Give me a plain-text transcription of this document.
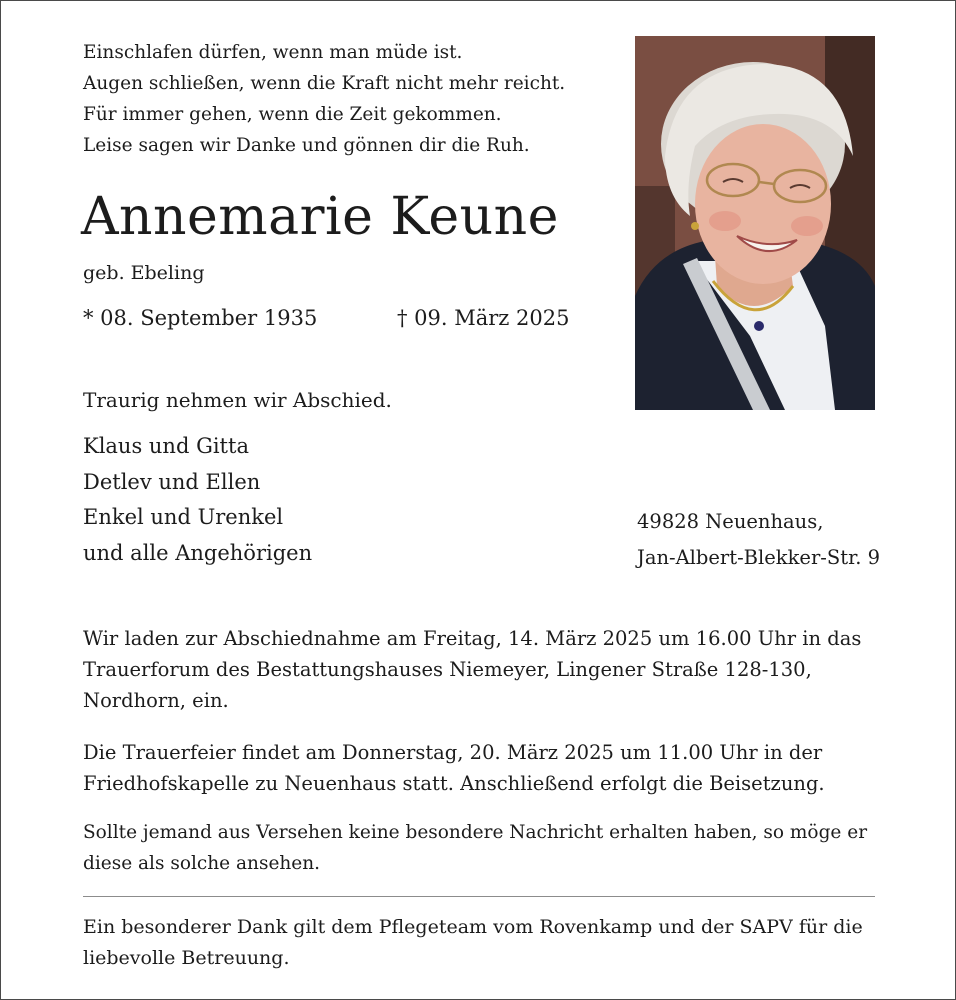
Einschlafen dürfen, wenn man müde ist.
Augen schließen, wenn die Kraft nicht mehr reicht.
Für immer gehen, wenn die Zeit gekommen.
Leise sagen wir Danke und gönnen dir die Ruh.
Annemarie Keune
geb. Ebeling
* 08. September 1935	† 09. März 2025
Traurig nehmen wir Abschied.
Klaus und Gitta
Detlev und Ellen
Enkel und Urenkel
und alle Angehörigen
49828 Neuenhaus,
Jan-Albert-Blekker-Str. 9
Wir laden zur Abschiednahme am Freitag, 14. März 2025 um 16.00 Uhr in das Trauerforum des Bestattungshauses Niemeyer, Lingener Straße 128-130, Nordhorn, ein.
Die Trauerfeier findet am Donnerstag, 20. März 2025 um 11.00 Uhr in der Friedhofskapelle zu Neuenhaus statt. Anschließend erfolgt die Beisetzung.
Sollte jemand aus Versehen keine besondere Nachricht erhalten haben, so möge er diese als solche ansehen.
Ein besonderer Dank gilt dem Pflegeteam vom Rovenkamp und der SAPV für die liebevolle Betreuung.
